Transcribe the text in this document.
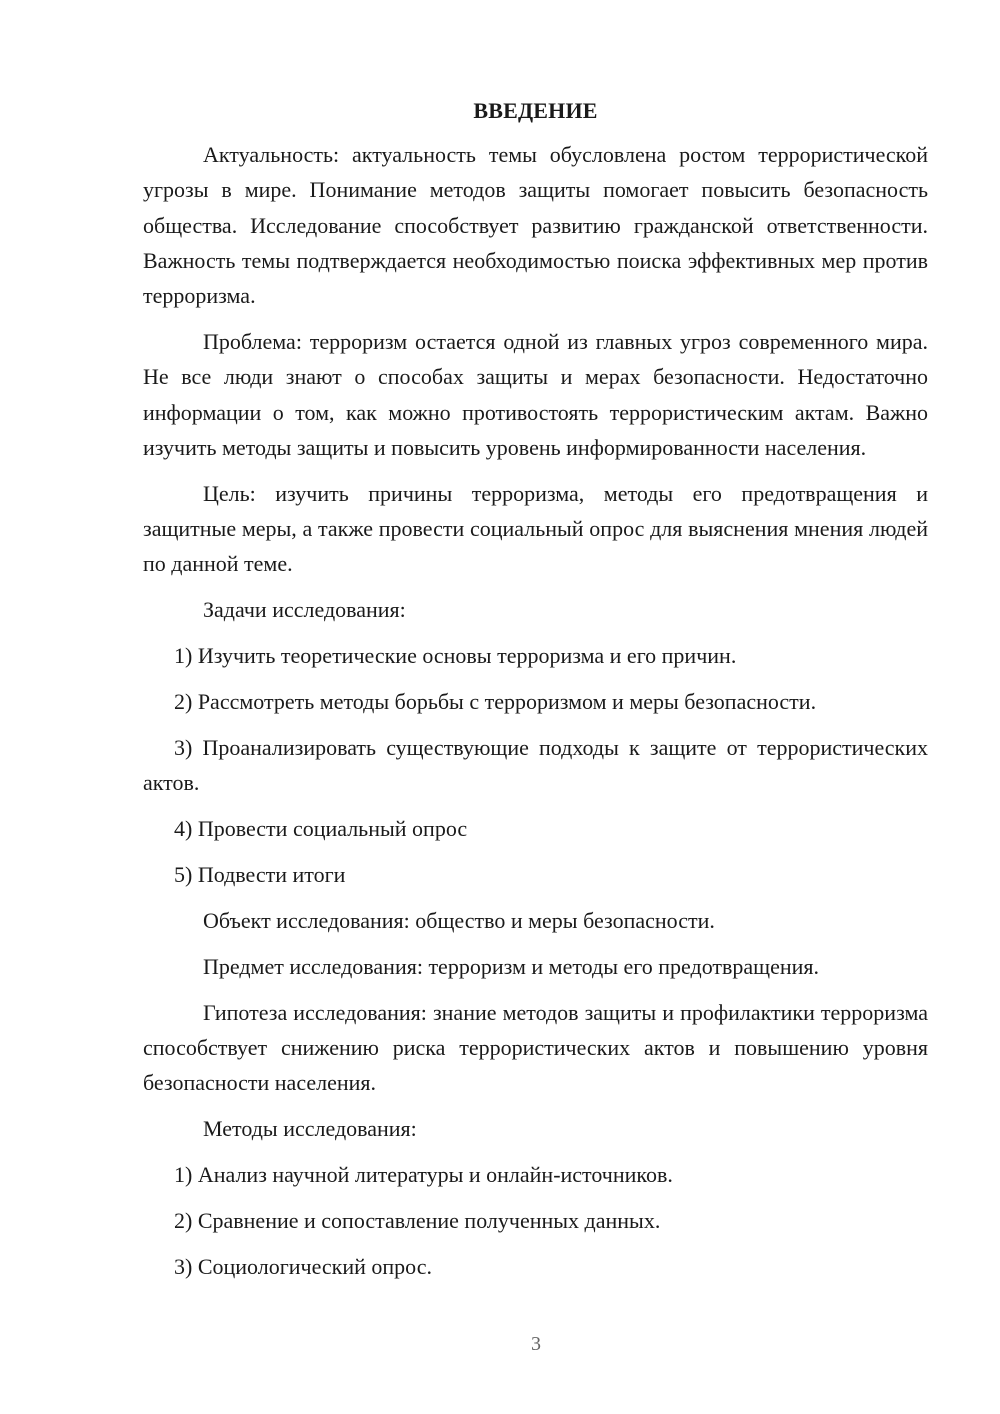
ВВЕДЕНИЕ

Актуальность: актуальность темы обусловлена ростом террористической угрозы в мире. Понимание методов защиты помогает повысить безопасность общества. Исследование способствует развитию гражданской ответственности. Важность темы подтверждается необходимостью поиска эффективных мер против терроризма.

Проблема: терроризм остается одной из главных угроз современного мира. Не все люди знают о способах защиты и мерах безопасности. Недостаточно информации о том, как можно противостоять террористическим актам. Важно изучить методы защиты и повысить уровень информированности населения.

Цель: изучить причины терроризма, методы его предотвращения и защитные меры, а также провести социальный опрос для выяснения мнения людей по данной теме.

Задачи исследования:

1) Изучить теоретические основы терроризма и его причин.

2) Рассмотреть методы борьбы с терроризмом и меры безопасности.

3) Проанализировать существующие подходы к защите от террористических актов.

4) Провести социальный опрос

5) Подвести итоги

Объект исследования: общество и меры безопасности.

Предмет исследования: терроризм и методы его предотвращения.

Гипотеза исследования: знание методов защиты и профилактики терроризма способствует снижению риска террористических актов и повышению уровня безопасности населения.

Методы исследования:

1) Анализ научной литературы и онлайн-источников.

2) Сравнение и сопоставление полученных данных.

3) Социологический опрос.

3
